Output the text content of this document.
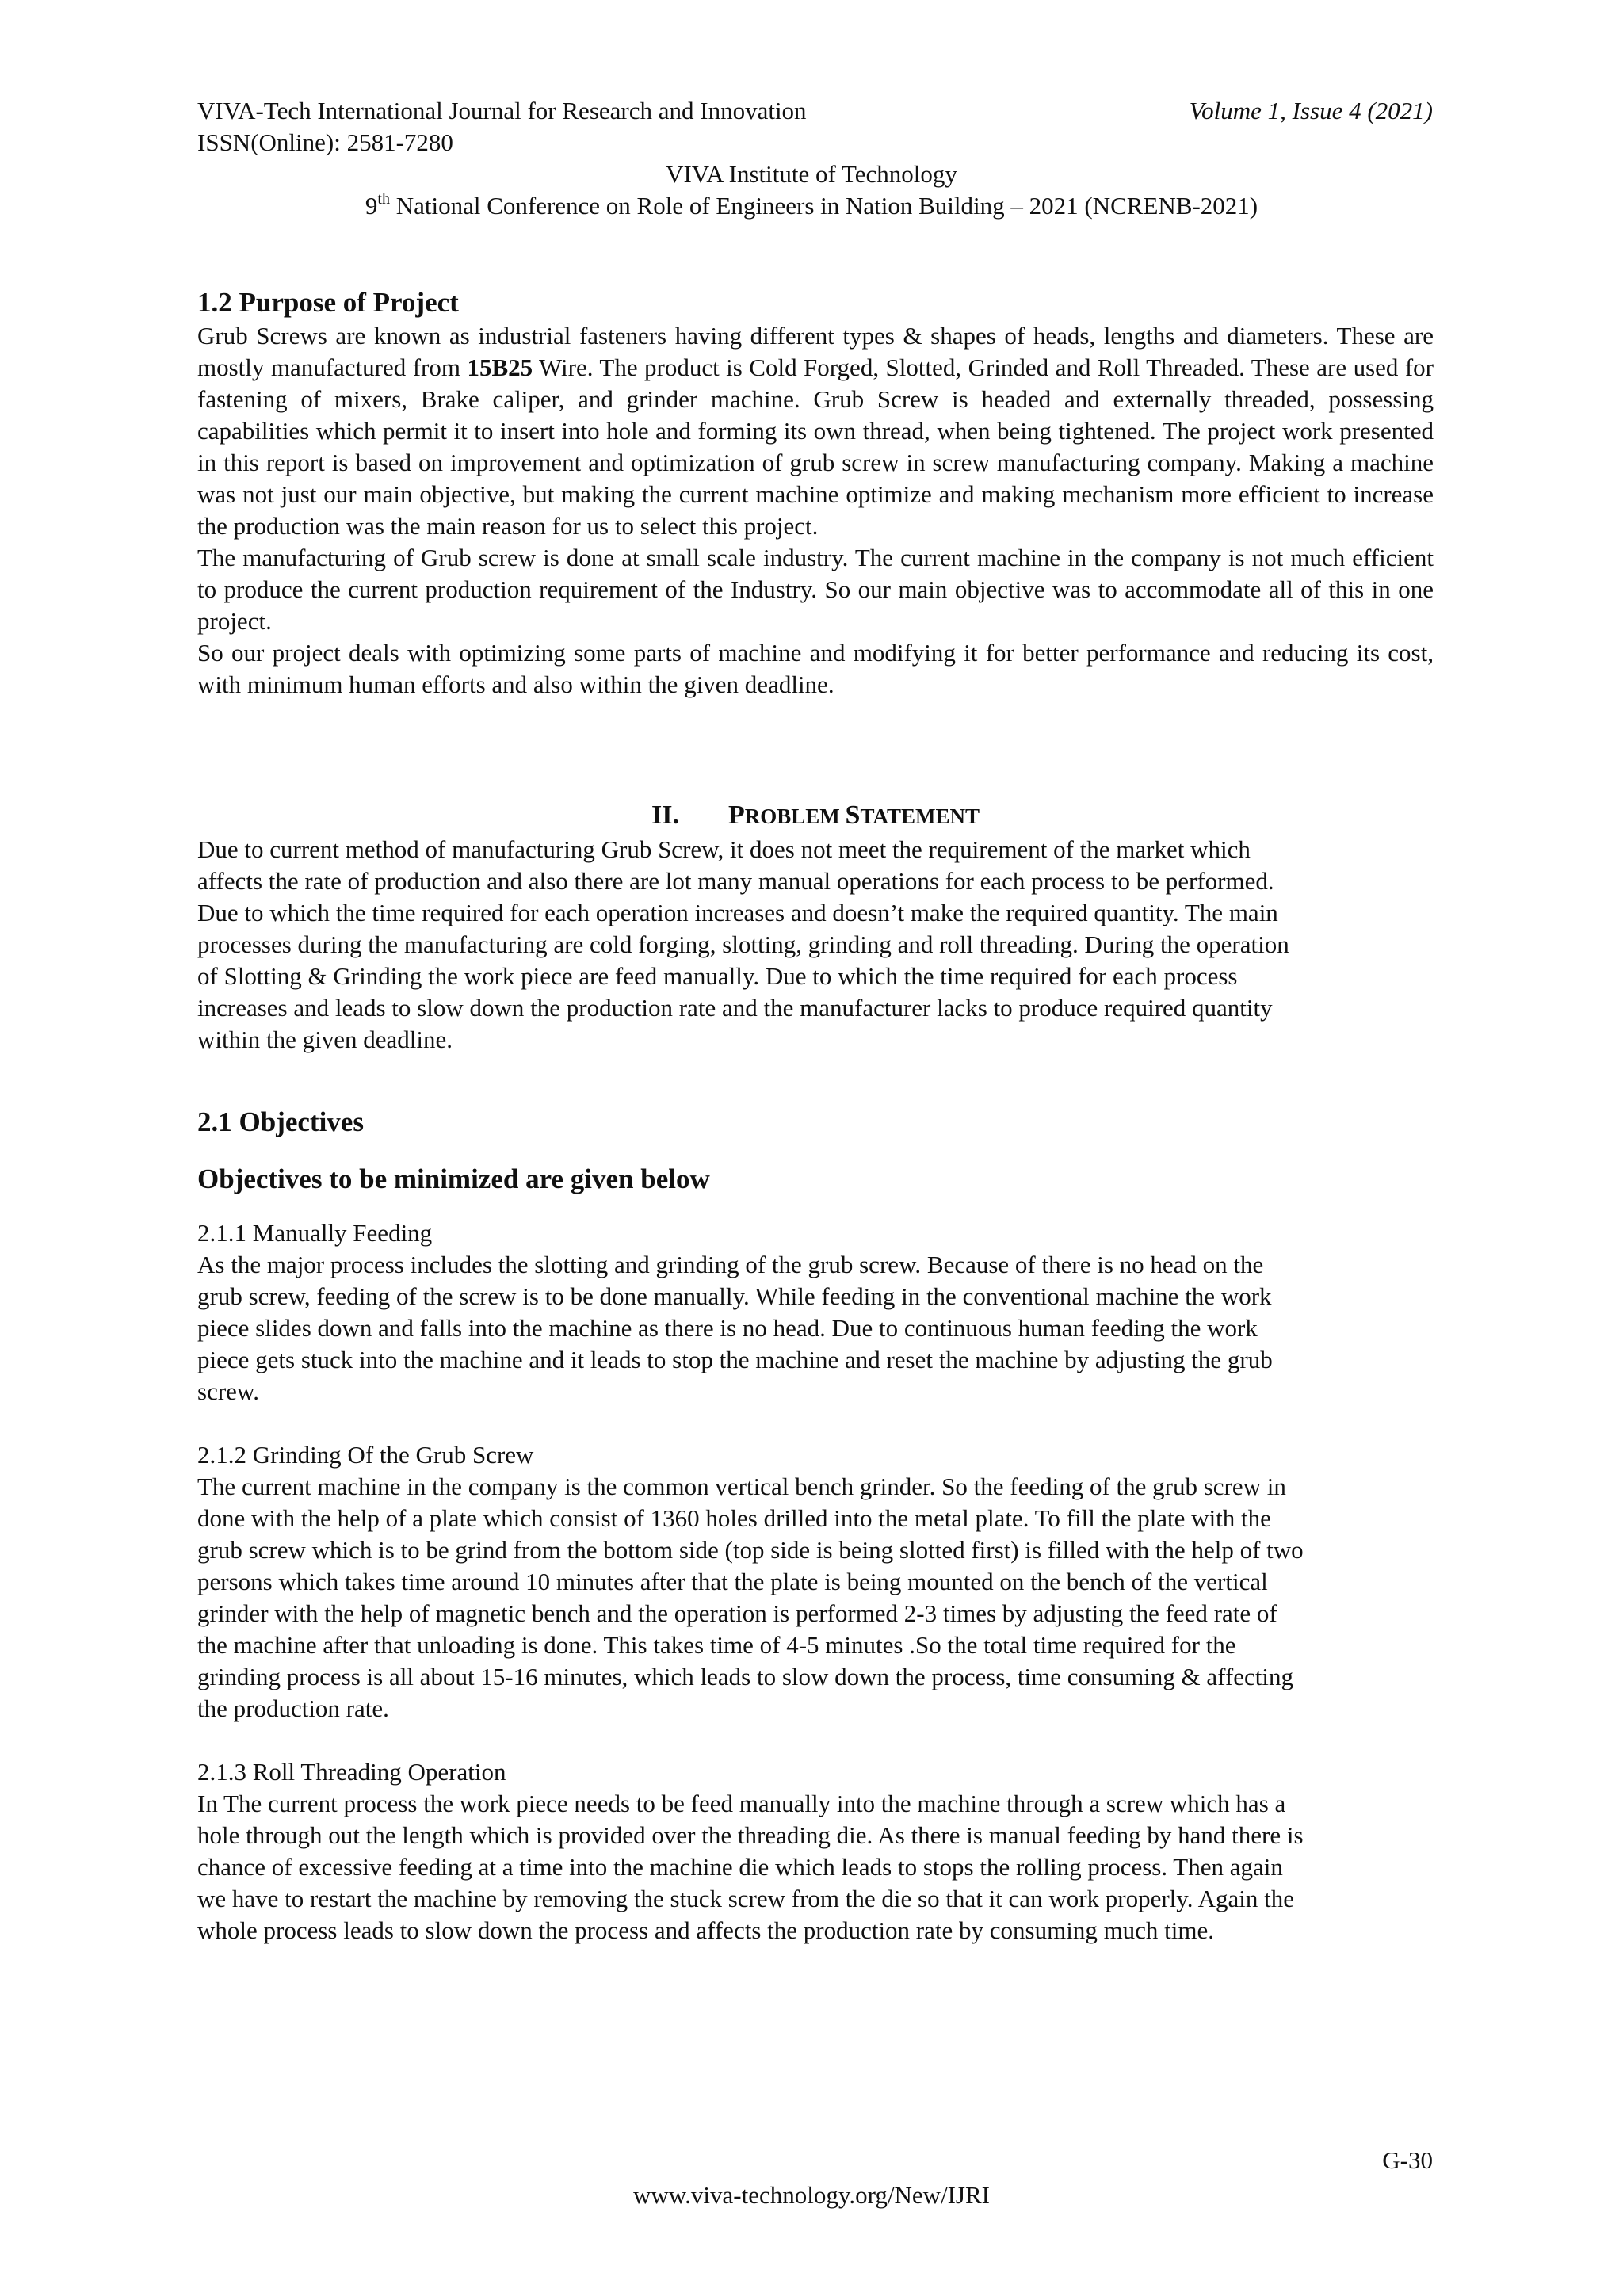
VIVA-Tech International Journal for Research and Innovation	Volume 1, Issue 4 (2021)
ISSN(Online): 2581-7280
VIVA Institute of Technology
9th National Conference on Role of Engineers in Nation Building – 2021 (NCRENB-2021)
1.2 Purpose of Project

Grub Screws are known as industrial fasteners having different types & shapes of heads, lengths and diameters. These are mostly manufactured from 15B25 Wire. The product is Cold Forged, Slotted, Grinded and Roll Threaded. These are used for fastening of mixers, Brake caliper, and grinder machine. Grub Screw is headed and externally threaded, possessing capabilities which permit it to insert into hole and forming its own thread, when being tightened. The project work presented in this report is based on improvement and optimization of grub screw in screw manufacturing company. Making a machine was not just our main objective, but making the current machine optimize and making mechanism more efficient to increase the production was the main reason for us to select this project.

The manufacturing of Grub screw is done at small scale industry. The current machine in the company is not much efficient to produce the current production requirement of the Industry. So our main objective was to accommodate all of this in one project.

So our project deals with optimizing some parts of machine and modifying it for better performance and reducing its cost, with minimum human efforts and also within the given deadline.

II. PROBLEM STATEMENT

Due to current method of manufacturing Grub Screw, it does not meet the requirement of the market which

affects the rate of production and also there are lot many manual operations for each process to be performed.

Due to which the time required for each operation increases and doesn’t make the required quantity. The main

processes during the manufacturing are cold forging, slotting, grinding and roll threading. During the operation

of Slotting & Grinding the work piece are feed manually. Due to which the time required for each process

increases and leads to slow down the production rate and the manufacturer lacks to produce required quantity

within the given deadline.

2.1 Objectives
Objectives to be minimized are given below

2.1.1 Manually Feeding

As the major process includes the slotting and grinding of the grub screw. Because of there is no head on the

grub screw, feeding of the screw is to be done manually. While feeding in the conventional machine the work

piece slides down and falls into the machine as there is no head. Due to continuous human feeding the work

piece gets stuck into the machine and it leads to stop the machine and reset the machine by adjusting the grub

screw.

2.1.2 Grinding Of the Grub Screw

The current machine in the company is the common vertical bench grinder. So the feeding of the grub screw in

done with the help of a plate which consist of 1360 holes drilled into the metal plate. To fill the plate with the

grub screw which is to be grind from the bottom side (top side is being slotted first) is filled with the help of two

persons which takes time around 10 minutes after that the plate is being mounted on the bench of the vertical

grinder with the help of magnetic bench and the operation is performed 2-3 times by adjusting the feed rate of

the machine after that unloading is done. This takes time of 4-5 minutes .So the total time required for the

grinding process is all about 15-16 minutes, which leads to slow down the process, time consuming & affecting

the production rate.

2.1.3 Roll Threading Operation

In The current process the work piece needs to be feed manually into the machine through a screw which has a

hole through out the length which is provided over the threading die. As there is manual feeding by hand there is

chance of excessive feeding at a time into the machine die which leads to stops the rolling process. Then again

we have to restart the machine by removing the stuck screw from the die so that it can work properly. Again the

whole process leads to slow down the process and affects the production rate by consuming much time.

G-30
www.viva-technology.org/New/IJRI
